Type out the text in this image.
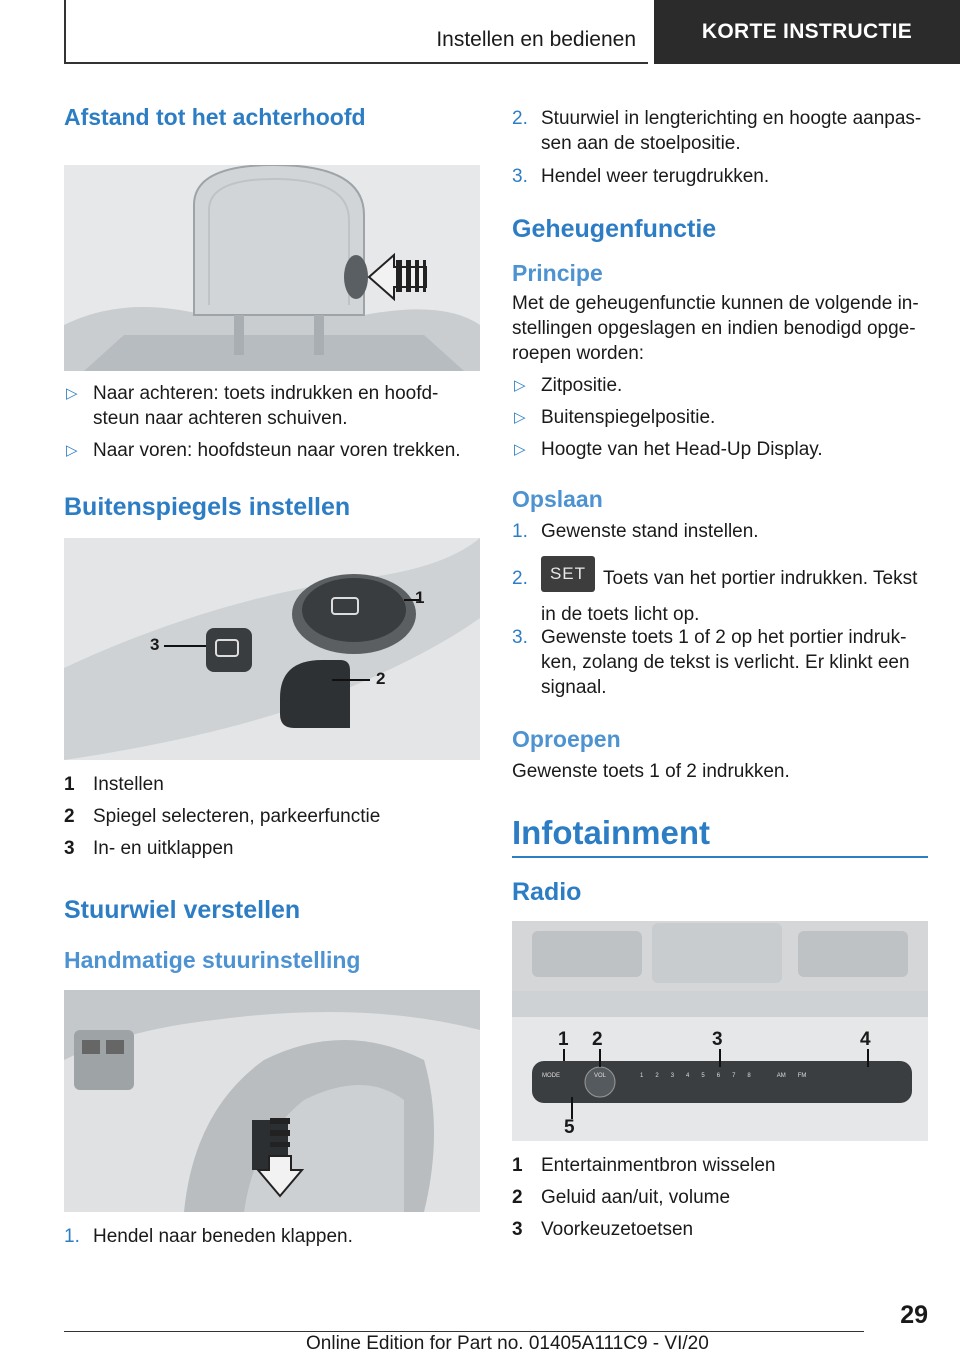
Instellen en bedienen	KORTE INSTRUCTIE
Afstand tot het achterhoofd
▷ Naar achteren: toets indrukken en hoofd-steun naar achteren schuiven.
▷ Naar voren: hoofdsteun naar voren trekken.
Buitenspiegels instellen
1
2
3
1 Instellen
2 Spiegel selecteren, parkeerfunctie
3 In- en uitklappen
Stuurwiel verstellen
Handmatige stuurinstelling
1. Hendel naar beneden klappen.
2. Stuurwiel in lengterichting en hoogte aanpas-sen aan de stoelpositie.
3. Hendel weer terugdrukken.
Geheugenfunctie
Principe

Met de geheugenfunctie kunnen de volgende in-stellingen opgeslagen en indien benodigd opge-roepen worden:

▷ Zitpositie.
▷ Buitenspiegelpositie.
▷ Hoogte van het Head-Up Display.
Opslaan
1. Gewenste stand instellen.
2. SET Toets van het portier indrukken. Tekst in de toets licht op.
3. Gewenste toets 1 of 2 op het portier indruk-ken, zolang de tekst is verlicht. Er klinkt een signaal.
Oproepen

Gewenste toets 1 of 2 indrukken.

Infotainment
Radio
1 2	3	4
5
MODE	VOL	1 2 3 4 5 6 7 8	AM FM
1 Entertainmentbron wisselen
2 Geluid aan/uit, volume
3 Voorkeuzetoetsen
29
Online Edition for Part no. 01405A111C9 - VI/20
